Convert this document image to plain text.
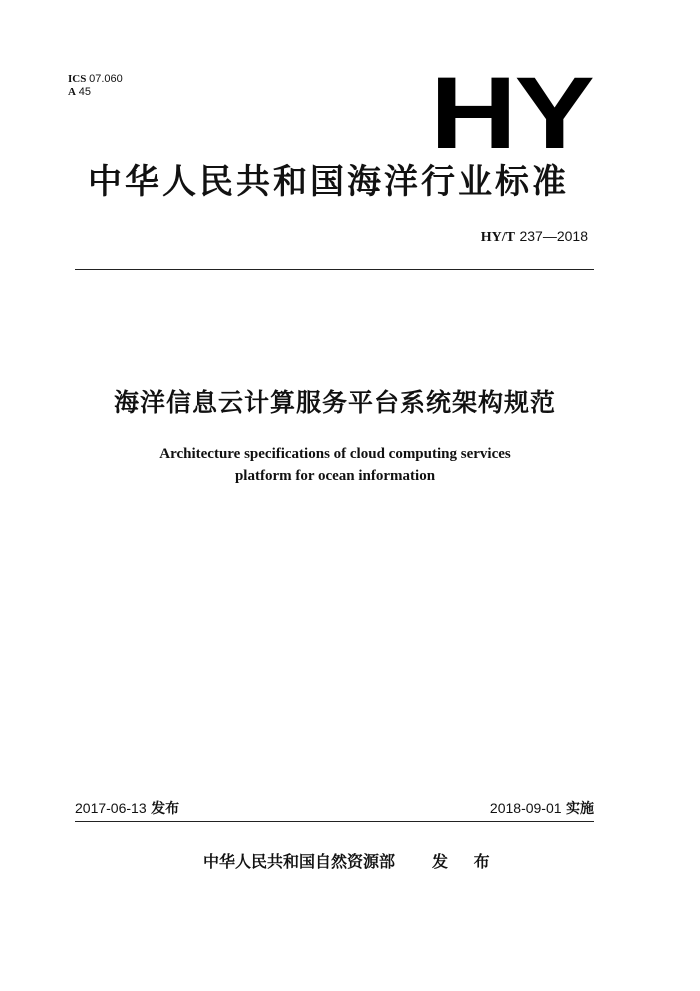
ICS 07.060
A 45	HY
中华人民共和国海洋行业标准
HY/T 237—2018
海洋信息云计算服务平台系统架构规范
Architecture specifications of cloud computing services
platform for ocean information
2017-06-13 发布	2018-09-01 实施
中华人民共和国自然资源部 发 布
